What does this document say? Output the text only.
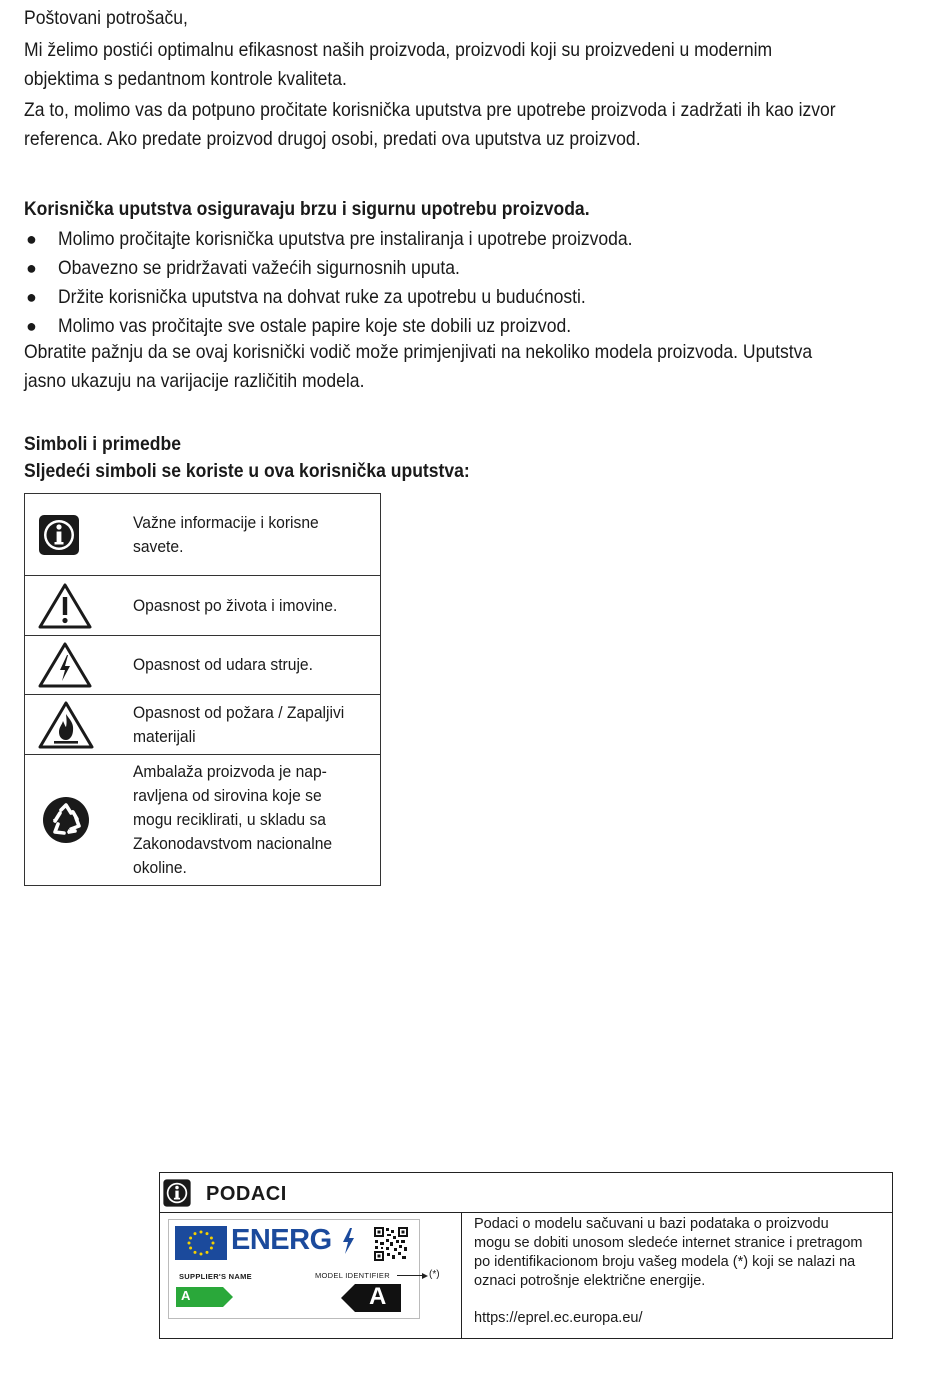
Poštovani potrošaču,
Mi želimo postići optimalnu efikasnost naših proizvoda, proizvodi koji su proizvedeni u modernim
objektima s pedantnom kontrole kvaliteta.
Za to, molimo vas da potpuno pročitate korisnička uputstva pre upotrebe proizvoda i zadržati ih kao izvor
referenca. Ako predate proizvod drugoj osobi, predati ova uputstva uz proizvod.
Korisnička uputstva osiguravaju brzu i sigurnu upotrebu proizvoda.
● Molimo pročitajte korisnička uputstva pre instaliranja i upotrebe proizvoda.
● Obavezno se pridržavati važećih sigurnosnih uputa.
● Držite korisnička uputstva na dohvat ruke za upotrebu u budućnosti.
● Molimo vas pročitajte sve ostale papire koje ste dobili uz proizvod.
Obratite pažnju da se ovaj korisnički vodič može primjenjivati na nekoliko modela proizvoda. Uputstva
jasno ukazuju na varijacije različitih modela.
Simboli i primedbe
Sljedeći simboli se koriste u ova korisnička uputstva:
	Važne informacije i korisne savete.

	Opasnost po života i imovine.

	Opasnost od udara struje.

	Opasnost od požara / Zapaljivi
materijali

	Ambalaža proizvoda je nap-
ravljena od sirovina koje se
mogu reciklirati, u skladu sa
Zakonodavstvom nacionalne
okoline.
PODACI
ENERG
SUPPLIER'S NAME	MODEL IDENTIFIER	(*)
A	A
Podaci o modelu sačuvani u bazi podataka o proizvodu
mogu se dobiti unosom sledeće internet stranice i pretragom
po identifikacionom broju vašeg modela (*) koji se nalazi na
oznaci potrošnje električne energije.
https://eprel.ec.europa.eu/
